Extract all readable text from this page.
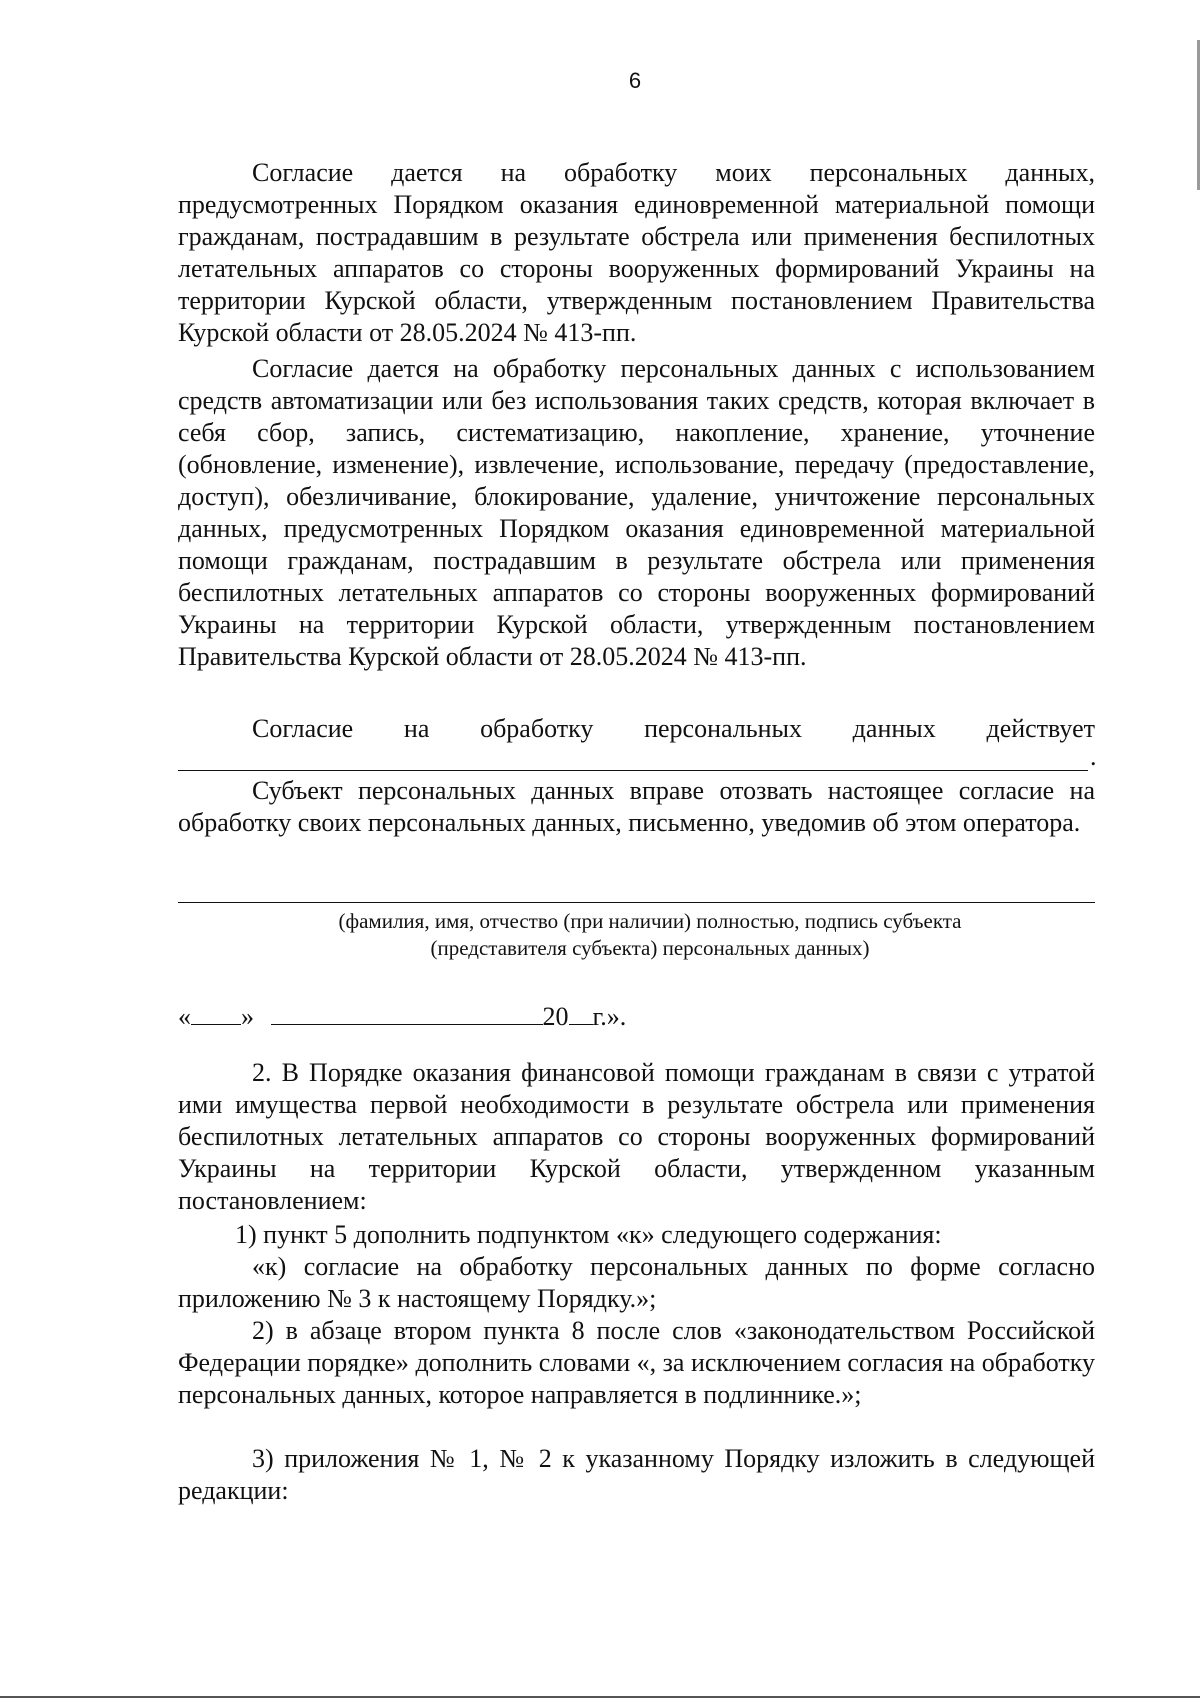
6

Согласие дается на обработку моих персональных данных, предусмотренных Порядком оказания единовременной материальной помощи гражданам, пострадавшим в результате обстрела или применения беспилотных летательных аппаратов со стороны вооруженных формирований Украины на территории Курской области, утвержденным постановлением Правительства Курской области от 28.05.2024 № 413-пп.

Согласие дается на обработку персональных данных с использованием средств автоматизации или без использования таких средств, которая включает в себя сбор, запись, систематизацию, накопление, хранение, уточнение (обновление, изменение), извлечение, использование, передачу (предоставление, доступ), обезличивание, блокирование, удаление, уничтожение персональных данных, предусмотренных Порядком оказания единовременной материальной помощи гражданам, пострадавшим в результате обстрела или применения беспилотных летательных аппаратов со стороны вооруженных формирований Украины на территории Курской области, утвержденным постановлением Правительства Курской области от 28.05.2024 № 413-пп.

Согласие на обработку персональных данных действует

.

Субъект персональных данных вправе отозвать настоящее согласие на обработку своих персональных данных, письменно, уведомив об этом оператора.

(фамилия, имя, отчество (при наличии) полностью, подпись субъекта
(представителя субъекта) персональных данных)
« »	20 г.».

2. В Порядке оказания финансовой помощи гражданам в связи с утратой ими имущества первой необходимости в результате обстрела или применения беспилотных летательных аппаратов со стороны вооруженных формирований Украины на территории Курской области, утвержденном указанным постановлением:

1) пункт 5 дополнить подпунктом «к» следующего содержания:

«к) согласие на обработку персональных данных по форме согласно приложению № 3 к настоящему Порядку.»;

2) в абзаце втором пункта 8 после слов «законодательством Российской Федерации порядке» дополнить словами «, за исключением согласия на обработку персональных данных, которое направляется в подлиннике.»;

3) приложения № 1, № 2 к указанному Порядку изложить в следующей редакции:
